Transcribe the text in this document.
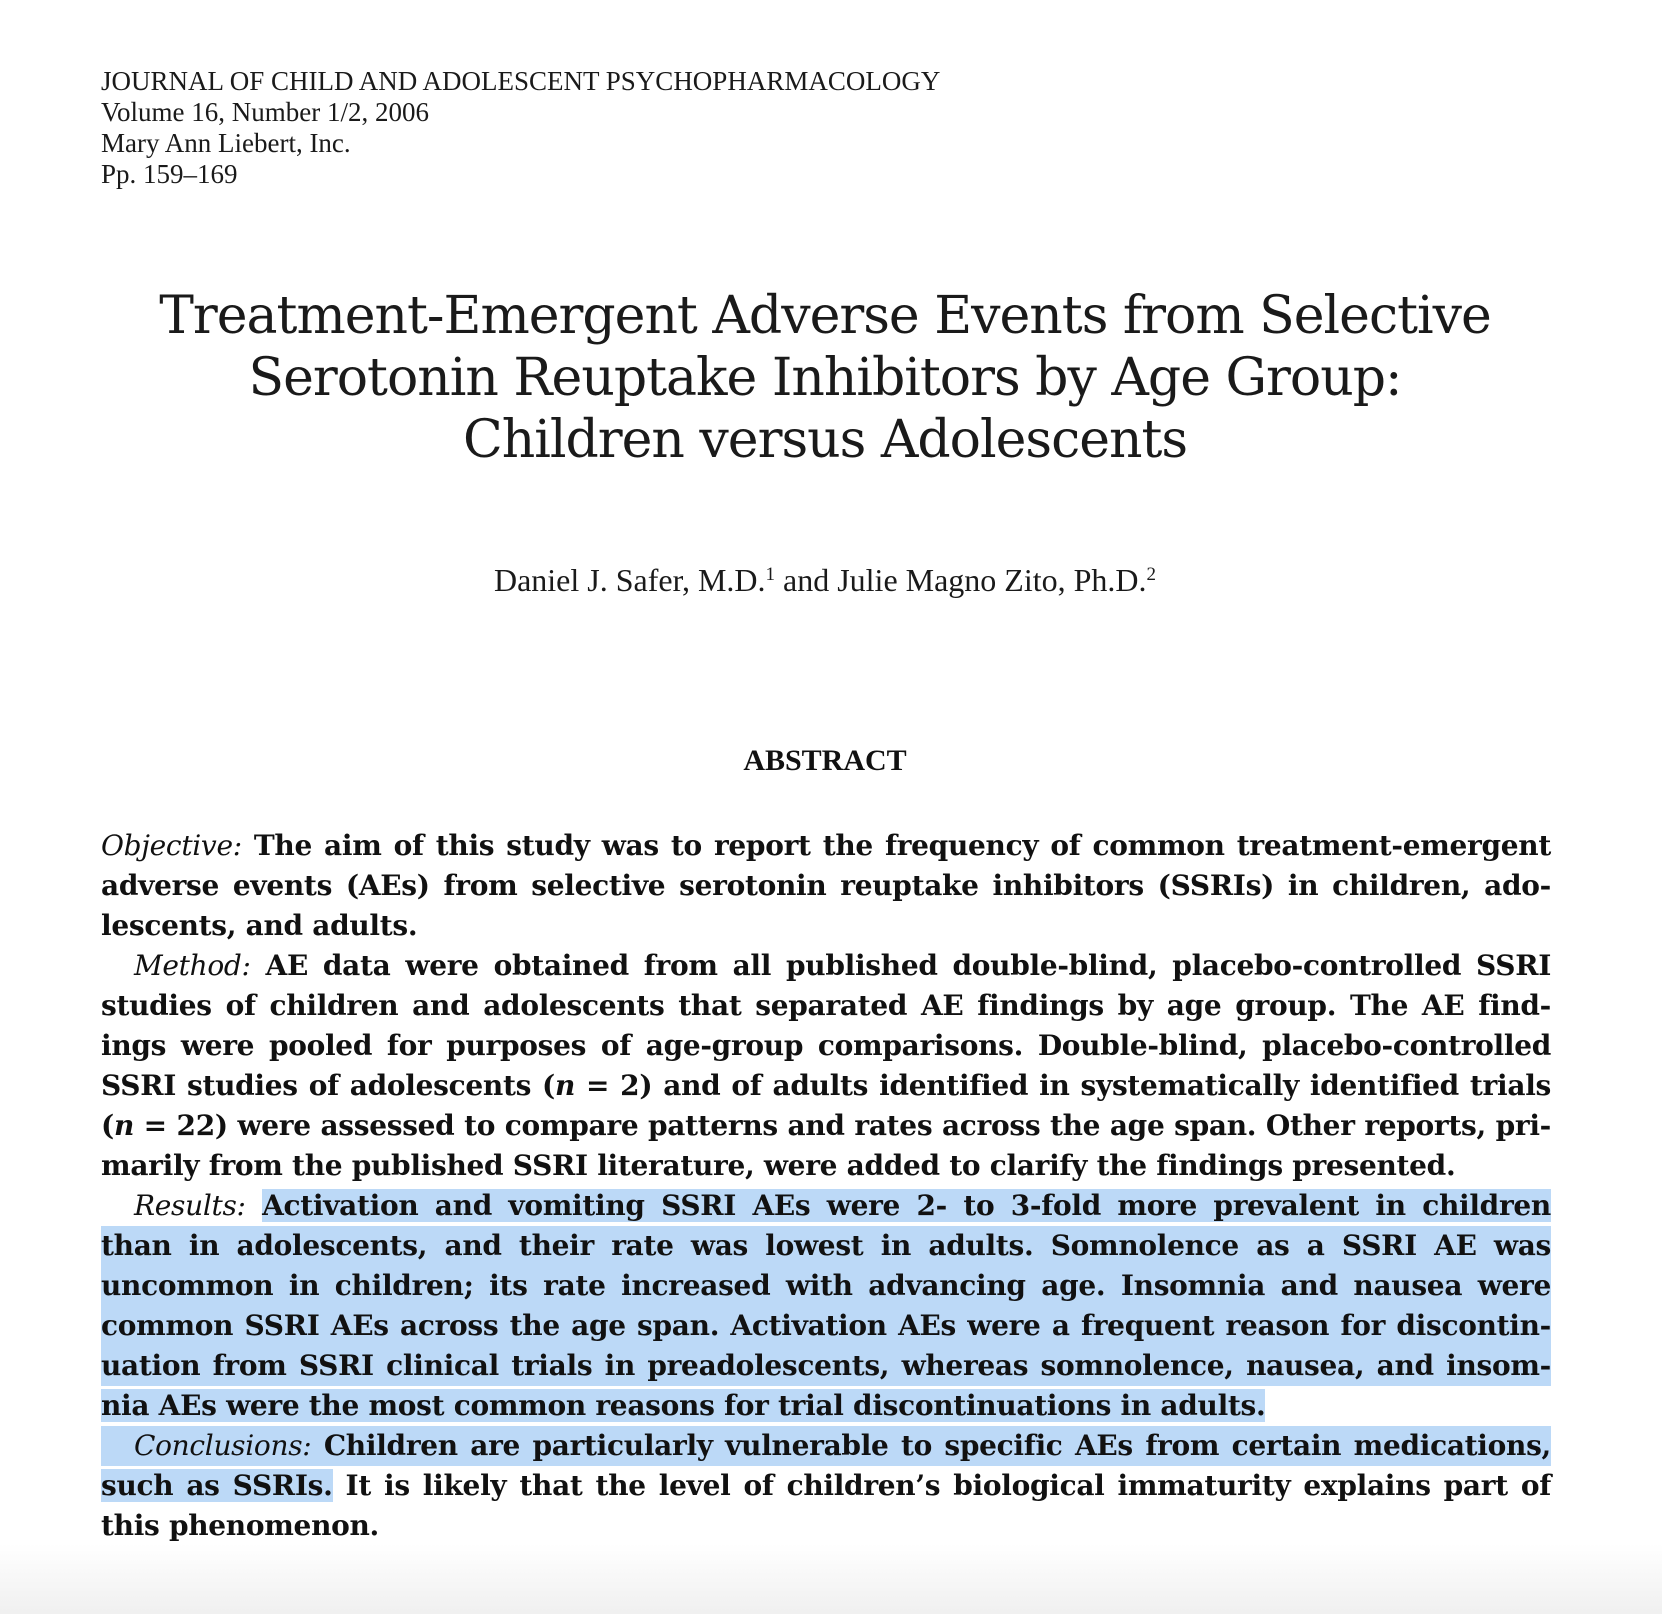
JOURNAL OF CHILD AND ADOLESCENT PSYCHOPHARMACOLOGY
Volume 16, Number 1/2, 2006
Mary Ann Liebert, Inc.
Pp. 159–169
Treatment-Emergent Adverse Events from Selective
Serotonin Reuptake Inhibitors by Age Group:
Children versus Adolescents
Daniel J. Safer, M.D.$^1$ and Julie Magno Zito, Ph.D.$^2$
ABSTRACT
Objective: The aim of this study was to report the frequency of common treatment-emergent
adverse events (AEs) from selective serotonin reuptake inhibitors (SSRIs) in children, ado-
lescents, and adults.
Method: AE data were obtained from all published double-blind, placebo-controlled SSRI
studies of children and adolescents that separated AE findings by age group. The AE find-
ings were pooled for purposes of age-group comparisons. Double-blind, placebo-controlled
SSRI studies of adolescents (n = 2) and of adults identified in systematically identified trials
(n = 22) were assessed to compare patterns and rates across the age span. Other reports, pri-
marily from the published SSRI literature, were added to clarify the findings presented.
Results: Activation and vomiting SSRI AEs were 2- to 3-fold more prevalent in children
than in adolescents, and their rate was lowest in adults. Somnolence as a SSRI AE was
uncommon in children; its rate increased with advancing age. Insomnia and nausea were
common SSRI AEs across the age span. Activation AEs were a frequent reason for discontin-
uation from SSRI clinical trials in preadolescents, whereas somnolence, nausea, and insom-
nia AEs were the most common reasons for trial discontinuations in adults.
Conclusions: Children are particularly vulnerable to specific AEs from certain medications,
such as SSRIs. It is likely that the level of children’s biological immaturity explains part of
this phenomenon.
